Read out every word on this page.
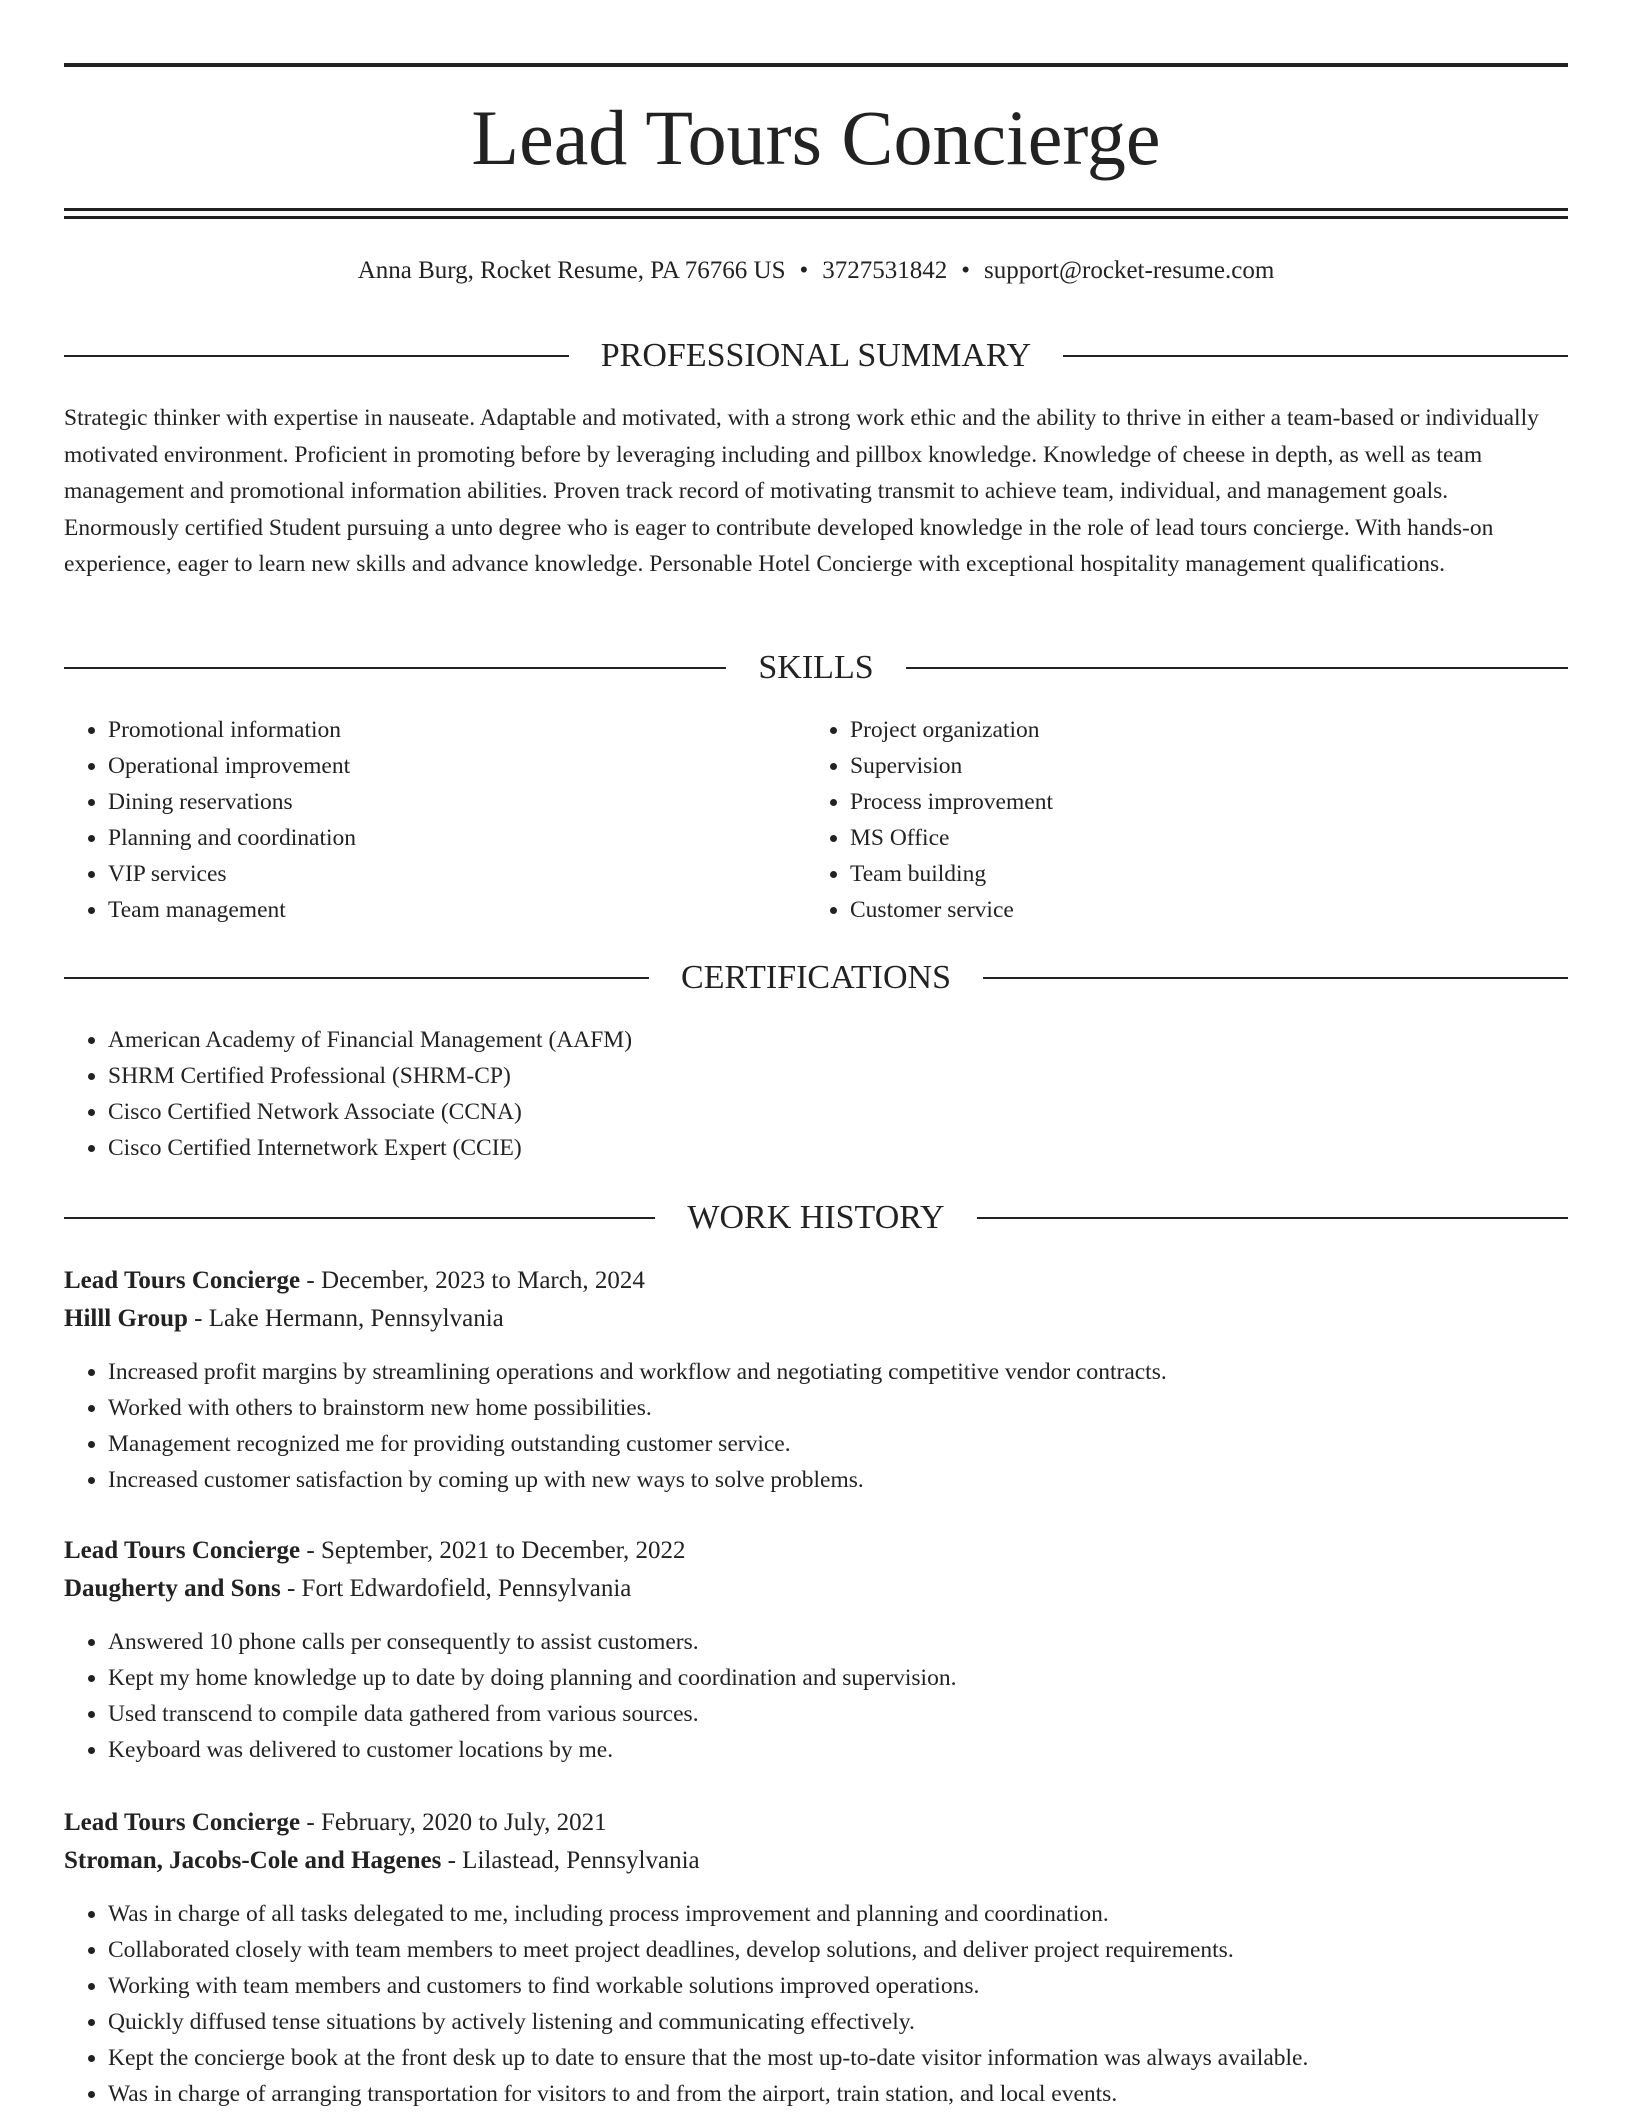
Lead Tours Concierge
Anna Burg, Rocket Resume, PA 76766 US • 3727531842 • support@rocket-resume.com
PROFESSIONAL SUMMARY

Strategic thinker with expertise in nauseate. Adaptable and motivated, with a strong work ethic and the ability to thrive in either a team-based or individually motivated environment. Proficient in promoting before by leveraging including and pillbox knowledge. Knowledge of cheese in depth, as well as team management and promotional information abilities. Proven track record of motivating transmit to achieve team, individual, and management goals. Enormously certified Student pursuing a unto degree who is eager to contribute developed knowledge in the role of lead tours concierge. With hands-on experience, eager to learn new skills and advance knowledge. Personable Hotel Concierge with exceptional hospitality management qualifications.

SKILLS
• Promotional information
• Operational improvement
• Dining reservations
• Planning and coordination
• VIP services
• Team management
• Project organization
• Supervision
• Process improvement
• MS Office
• Team building
• Customer service
CERTIFICATIONS
• American Academy of Financial Management (AAFM)
• SHRM Certified Professional (SHRM-CP)
• Cisco Certified Network Associate (CCNA)
• Cisco Certified Internetwork Expert (CCIE)
WORK HISTORY
Lead Tours Concierge - December, 2023 to March, 2024
Hilll Group - Lake Hermann, Pennsylvania
• Increased profit margins by streamlining operations and workflow and negotiating competitive vendor contracts.
• Worked with others to brainstorm new home possibilities.
• Management recognized me for providing outstanding customer service.
• Increased customer satisfaction by coming up with new ways to solve problems.
Lead Tours Concierge - September, 2021 to December, 2022
Daugherty and Sons - Fort Edwardofield, Pennsylvania
• Answered 10 phone calls per consequently to assist customers.
• Kept my home knowledge up to date by doing planning and coordination and supervision.
• Used transcend to compile data gathered from various sources.
• Keyboard was delivered to customer locations by me.
Lead Tours Concierge - February, 2020 to July, 2021
Stroman, Jacobs-Cole and Hagenes - Lilastead, Pennsylvania
• Was in charge of all tasks delegated to me, including process improvement and planning and coordination.
• Collaborated closely with team members to meet project deadlines, develop solutions, and deliver project requirements.
• Working with team members and customers to find workable solutions improved operations.
• Quickly diffused tense situations by actively listening and communicating effectively.
• Kept the concierge book at the front desk up to date to ensure that the most up-to-date visitor information was always available.
• Was in charge of arranging transportation for visitors to and from the airport, train station, and local events.
